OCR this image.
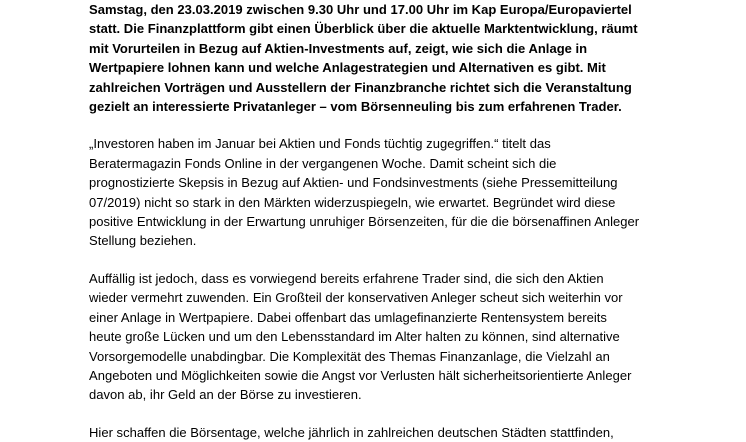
Samstag, den 23.03.2019 zwischen 9.30 Uhr und 17.00 Uhr im Kap Europa/Europaviertel
statt. Die Finanzplattform gibt einen Überblick über die aktuelle Marktentwicklung, räumt
mit Vorurteilen in Bezug auf Aktien-Investments auf, zeigt, wie sich die Anlage in
Wertpapiere lohnen kann und welche Anlagestrategien und Alternativen es gibt. Mit
zahlreichen Vorträgen und Ausstellern der Finanzbranche richtet sich die Veranstaltung
gezielt an interessierte Privatanleger – vom Börsenneuling bis zum erfahrenen Trader.

„Investoren haben im Januar bei Aktien und Fonds tüchtig zugegriffen.“ titelt das
Beratermagazin Fonds Online in der vergangenen Woche. Damit scheint sich die
prognostizierte Skepsis in Bezug auf Aktien- und Fondsinvestments (siehe Pressemitteilung
07/2019) nicht so stark in den Märkten widerzuspiegeln, wie erwartet. Begründet wird diese
positive Entwicklung in der Erwartung unruhiger Börsenzeiten, für die die börsenaffinen Anleger
Stellung beziehen.

Auffällig ist jedoch, dass es vorwiegend bereits erfahrene Trader sind, die sich den Aktien
wieder vermehrt zuwenden. Ein Großteil der konservativen Anleger scheut sich weiterhin vor
einer Anlage in Wertpapiere. Dabei offenbart das umlagefinanzierte Rentensystem bereits
heute große Lücken und um den Lebensstandard im Alter halten zu können, sind alternative
Vorsorgemodelle unabdingbar. Die Komplexität des Themas Finanzanlage, die Vielzahl an
Angeboten und Möglichkeiten sowie die Angst vor Verlusten hält sicherheitsorientierte Anleger
davon ab, ihr Geld an der Börse zu investieren.

Hier schaffen die Börsentage, welche jährlich in zahlreichen deutschen Städten stattfinden,
